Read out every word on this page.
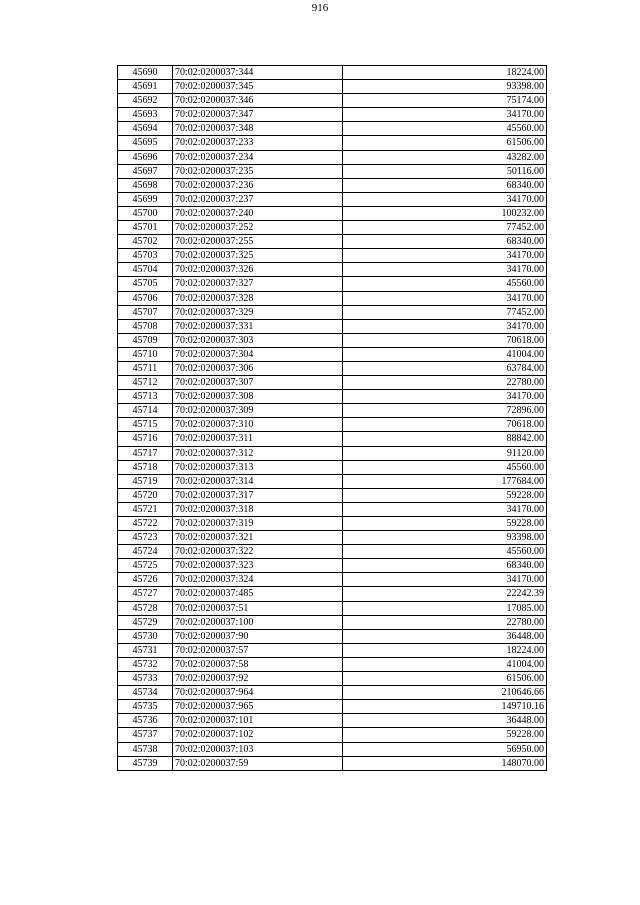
916
45690	70:02:0200037:344	18224.00
45691	70:02:0200037:345	93398.00
45692	70:02:0200037:346	75174.00
45693	70:02:0200037:347	34170.00
45694	70:02:0200037:348	45560.00
45695	70:02:0200037:233	61506.00
45696	70:02:0200037:234	43282.00
45697	70:02:0200037:235	50116.00
45698	70:02:0200037:236	68340.00
45699	70:02:0200037:237	34170.00
45700	70:02:0200037:240	100232.00
45701	70:02:0200037:252	77452.00
45702	70:02:0200037:255	68340.00
45703	70:02:0200037:325	34170.00
45704	70:02:0200037:326	34170.00
45705	70:02:0200037:327	45560.00
45706	70:02:0200037:328	34170.00
45707	70:02:0200037:329	77452.00
45708	70:02:0200037:331	34170.00
45709	70:02:0200037:303	70618.00
45710	70:02:0200037:304	41004.00
45711	70:02:0200037:306	63784.00
45712	70:02:0200037:307	22780.00
45713	70:02:0200037:308	34170.00
45714	70:02:0200037:309	72896.00
45715	70:02:0200037:310	70618.00
45716	70:02:0200037:311	88842.00
45717	70:02:0200037:312	91120.00
45718	70:02:0200037:313	45560.00
45719	70:02:0200037:314	177684.00
45720	70:02:0200037:317	59228.00
45721	70:02:0200037:318	34170.00
45722	70:02:0200037:319	59228.00
45723	70:02:0200037:321	93398.00
45724	70:02:0200037:322	45560.00
45725	70:02:0200037:323	68340.00
45726	70:02:0200037:324	34170.00
45727	70:02:0200037:485	22242.39
45728	70:02:0200037:51	17085.00
45729	70:02:0200037:100	22780.00
45730	70:02:0200037:90	36448.00
45731	70:02:0200037:57	18224.00
45732	70:02:0200037:58	41004.00
45733	70:02:0200037:92	61506.00
45734	70:02:0200037:964	210646.66
45735	70:02:0200037:965	149710.16
45736	70:02:0200037:101	36448.00
45737	70:02:0200037:102	59228.00
45738	70:02:0200037:103	56950.00
45739	70:02:0200037:59	148070.00
